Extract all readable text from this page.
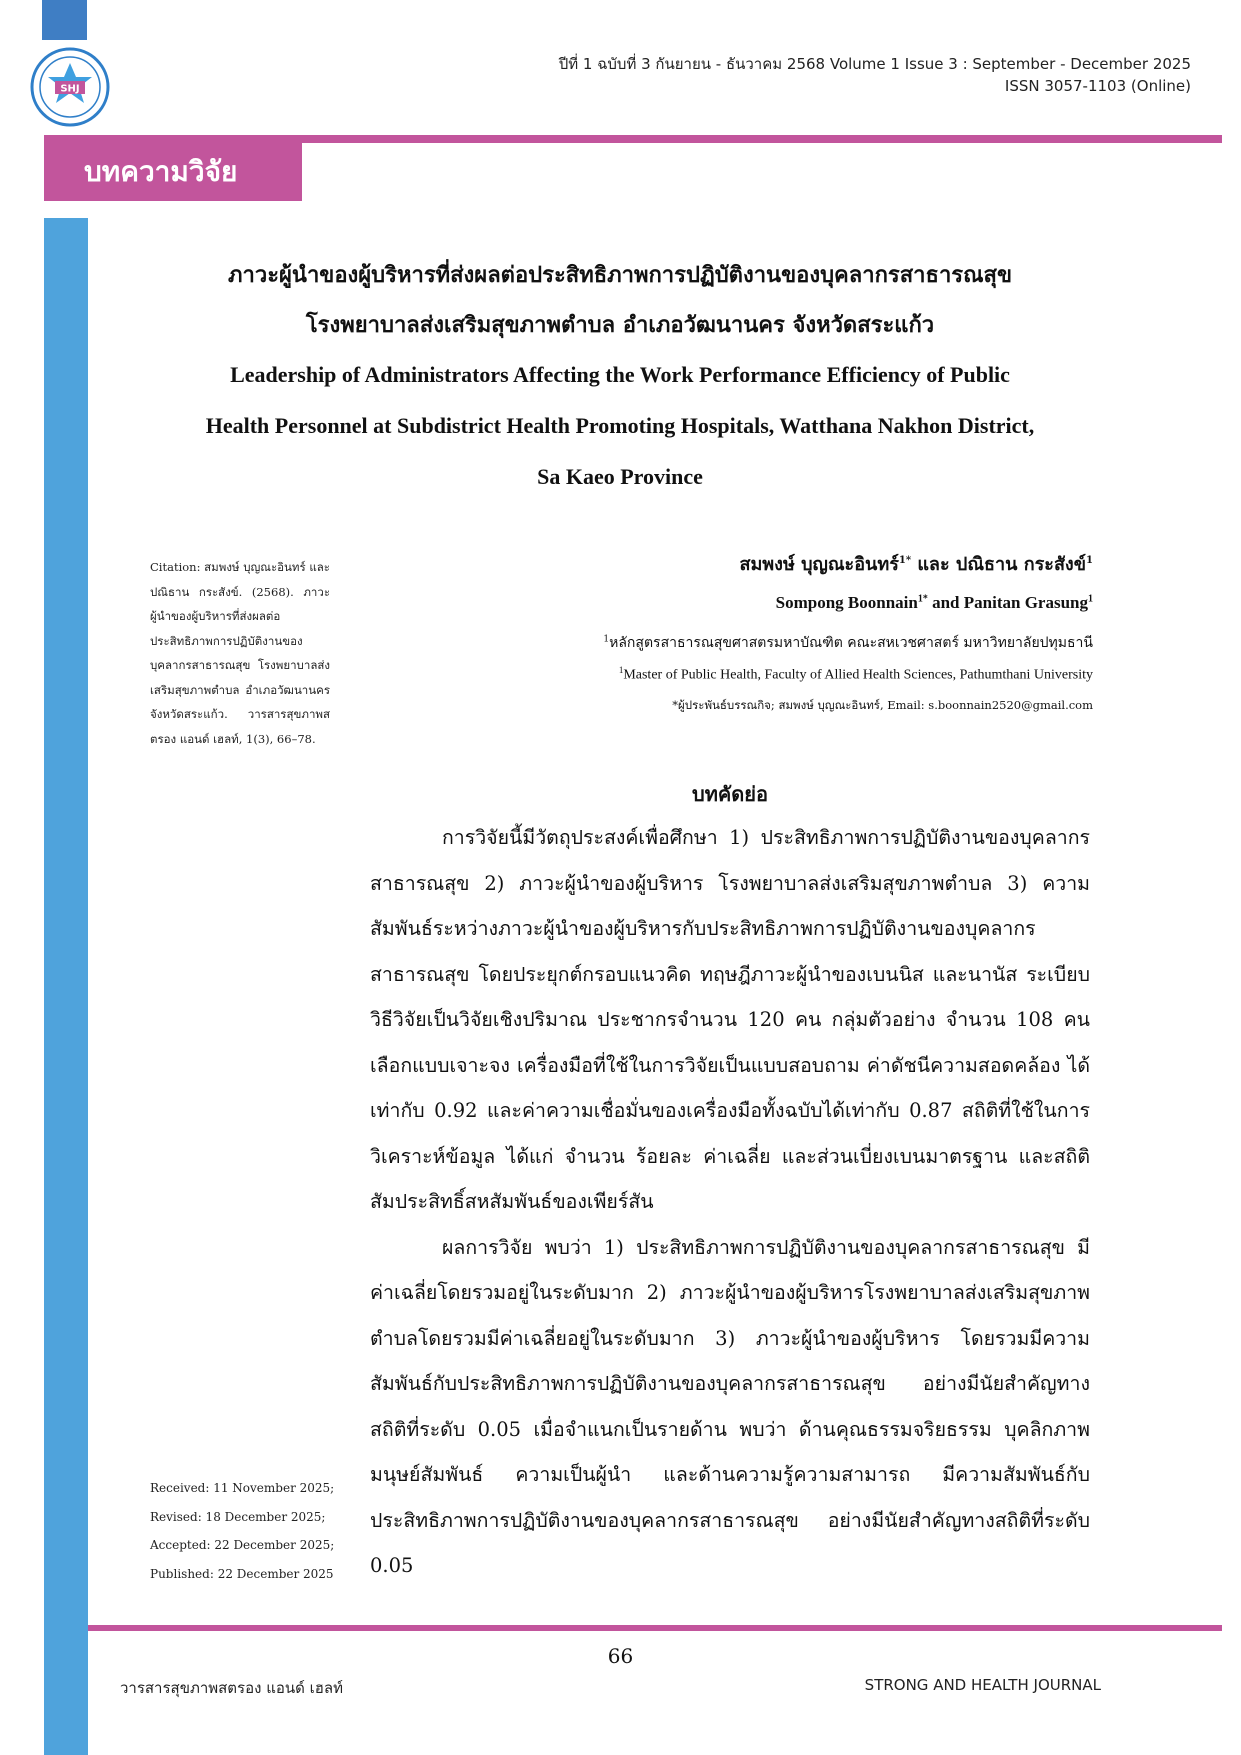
SHJ
ปีที่ 1 ฉบับที่ 3 กันยายน - ธันวาคม 2568 Volume 1 Issue 3 : September - December 2025
ISSN 3057-1103 (Online)
บทความวิจัย
ภาวะผู้นำของผู้บริหารที่ส่งผลต่อประสิทธิภาพการปฏิบัติงานของบุคลากรสาธารณสุข
โรงพยาบาลส่งเสริมสุขภาพตำบล อำเภอวัฒนานคร จังหวัดสระแก้ว
Leadership of Administrators Affecting the Work Performance Efficiency of Public
Health Personnel at Subdistrict Health Promoting Hospitals, Watthana Nakhon District,
Sa Kaeo Province
สมพงษ์ บุญณะอินทร์$^{1*}$ และ ปณิธาน กระสังข์$^1$
Sompong Boonnain$^{1*}$ and Panitan Grasung$^1$
$^1$หลักสูตรสาธารณสุขศาสตรมหาบัณฑิต คณะสหเวชศาสตร์ มหาวิทยาลัยปทุมธานี
$^1$Master of Public Health, Faculty of Allied Health Sciences, Pathumthani University
*ผู้ประพันธ์บรรณกิจ; สมพงษ์ บุญณะอินทร์, Email: s.boonnain2520@gmail.com
Citation: สมพงษ์ บุญณะอินทร์ และ ปณิธาน กระสังข์. (2568). ภาวะผู้นำของผู้บริหารที่ส่งผลต่อประสิทธิภาพการปฏิบัติงานของบุคลากรสาธารณสุข โรงพยาบาลส่งเสริมสุขภาพตำบล อำเภอวัฒนานคร จังหวัดสระแก้ว. วารสารสุขภาพสตรอง แอนด์ เฮลท์, 1(3), 66–78.
บทคัดย่อ

การวิจัยนี้มีวัตถุประสงค์เพื่อศึกษา 1) ประสิทธิภาพการปฏิบัติงานของบุคลากรสาธารณสุข 2) ภาวะผู้นำของผู้บริหาร โรงพยาบาลส่งเสริมสุขภาพตำบล 3) ความสัมพันธ์ระหว่างภาวะผู้นำของผู้บริหารกับประสิทธิภาพการปฏิบัติงานของบุคลากรสาธารณสุข โดยประยุกต์กรอบแนวคิด ทฤษฎีภาวะผู้นำของเบนนิส และนานัส ระเบียบวิธีวิจัยเป็นวิจัยเชิงปริมาณ ประชากรจำนวน 120 คน กลุ่มตัวอย่าง จำนวน 108 คน เลือกแบบเจาะจง เครื่องมือที่ใช้ในการวิจัยเป็นแบบสอบถาม ค่าดัชนีความสอดคล้อง ได้เท่ากับ 0.92 และค่าความเชื่อมั่นของเครื่องมือทั้งฉบับได้เท่ากับ 0.87 สถิติที่ใช้ในการวิเคราะห์ข้อมูล ได้แก่ จำนวน ร้อยละ ค่าเฉลี่ย และส่วนเบี่ยงเบนมาตรฐาน และสถิติสัมประสิทธิ์สหสัมพันธ์ของเพียร์สัน

ผลการวิจัย พบว่า 1) ประสิทธิภาพการปฏิบัติงานของบุคลากรสาธารณสุข มีค่าเฉลี่ยโดยรวมอยู่ในระดับมาก 2) ภาวะผู้นำของผู้บริหารโรงพยาบาลส่งเสริมสุขภาพตำบลโดยรวมมีค่าเฉลี่ยอยู่ในระดับมาก 3) ภาวะผู้นำของผู้บริหาร โดยรวมมีความสัมพันธ์กับประสิทธิภาพการปฏิบัติงานของบุคลากรสาธารณสุข อย่างมีนัยสำคัญทางสถิติที่ระดับ 0.05 เมื่อจำแนกเป็นรายด้าน พบว่า ด้านคุณธรรมจริยธรรม บุคลิกภาพ มนุษย์สัมพันธ์ ความเป็นผู้นำ และด้านความรู้ความสามารถ มีความสัมพันธ์กับประสิทธิภาพการปฏิบัติงานของบุคลากรสาธารณสุข อย่างมีนัยสำคัญทางสถิติที่ระดับ 0.05

Received: 11 November 2025;
Revised: 18 December 2025;
Accepted: 22 December 2025;
Published: 22 December 2025
66
วารสารสุขภาพสตรอง แอนด์ เฮลท์	STRONG AND HEALTH JOURNAL
